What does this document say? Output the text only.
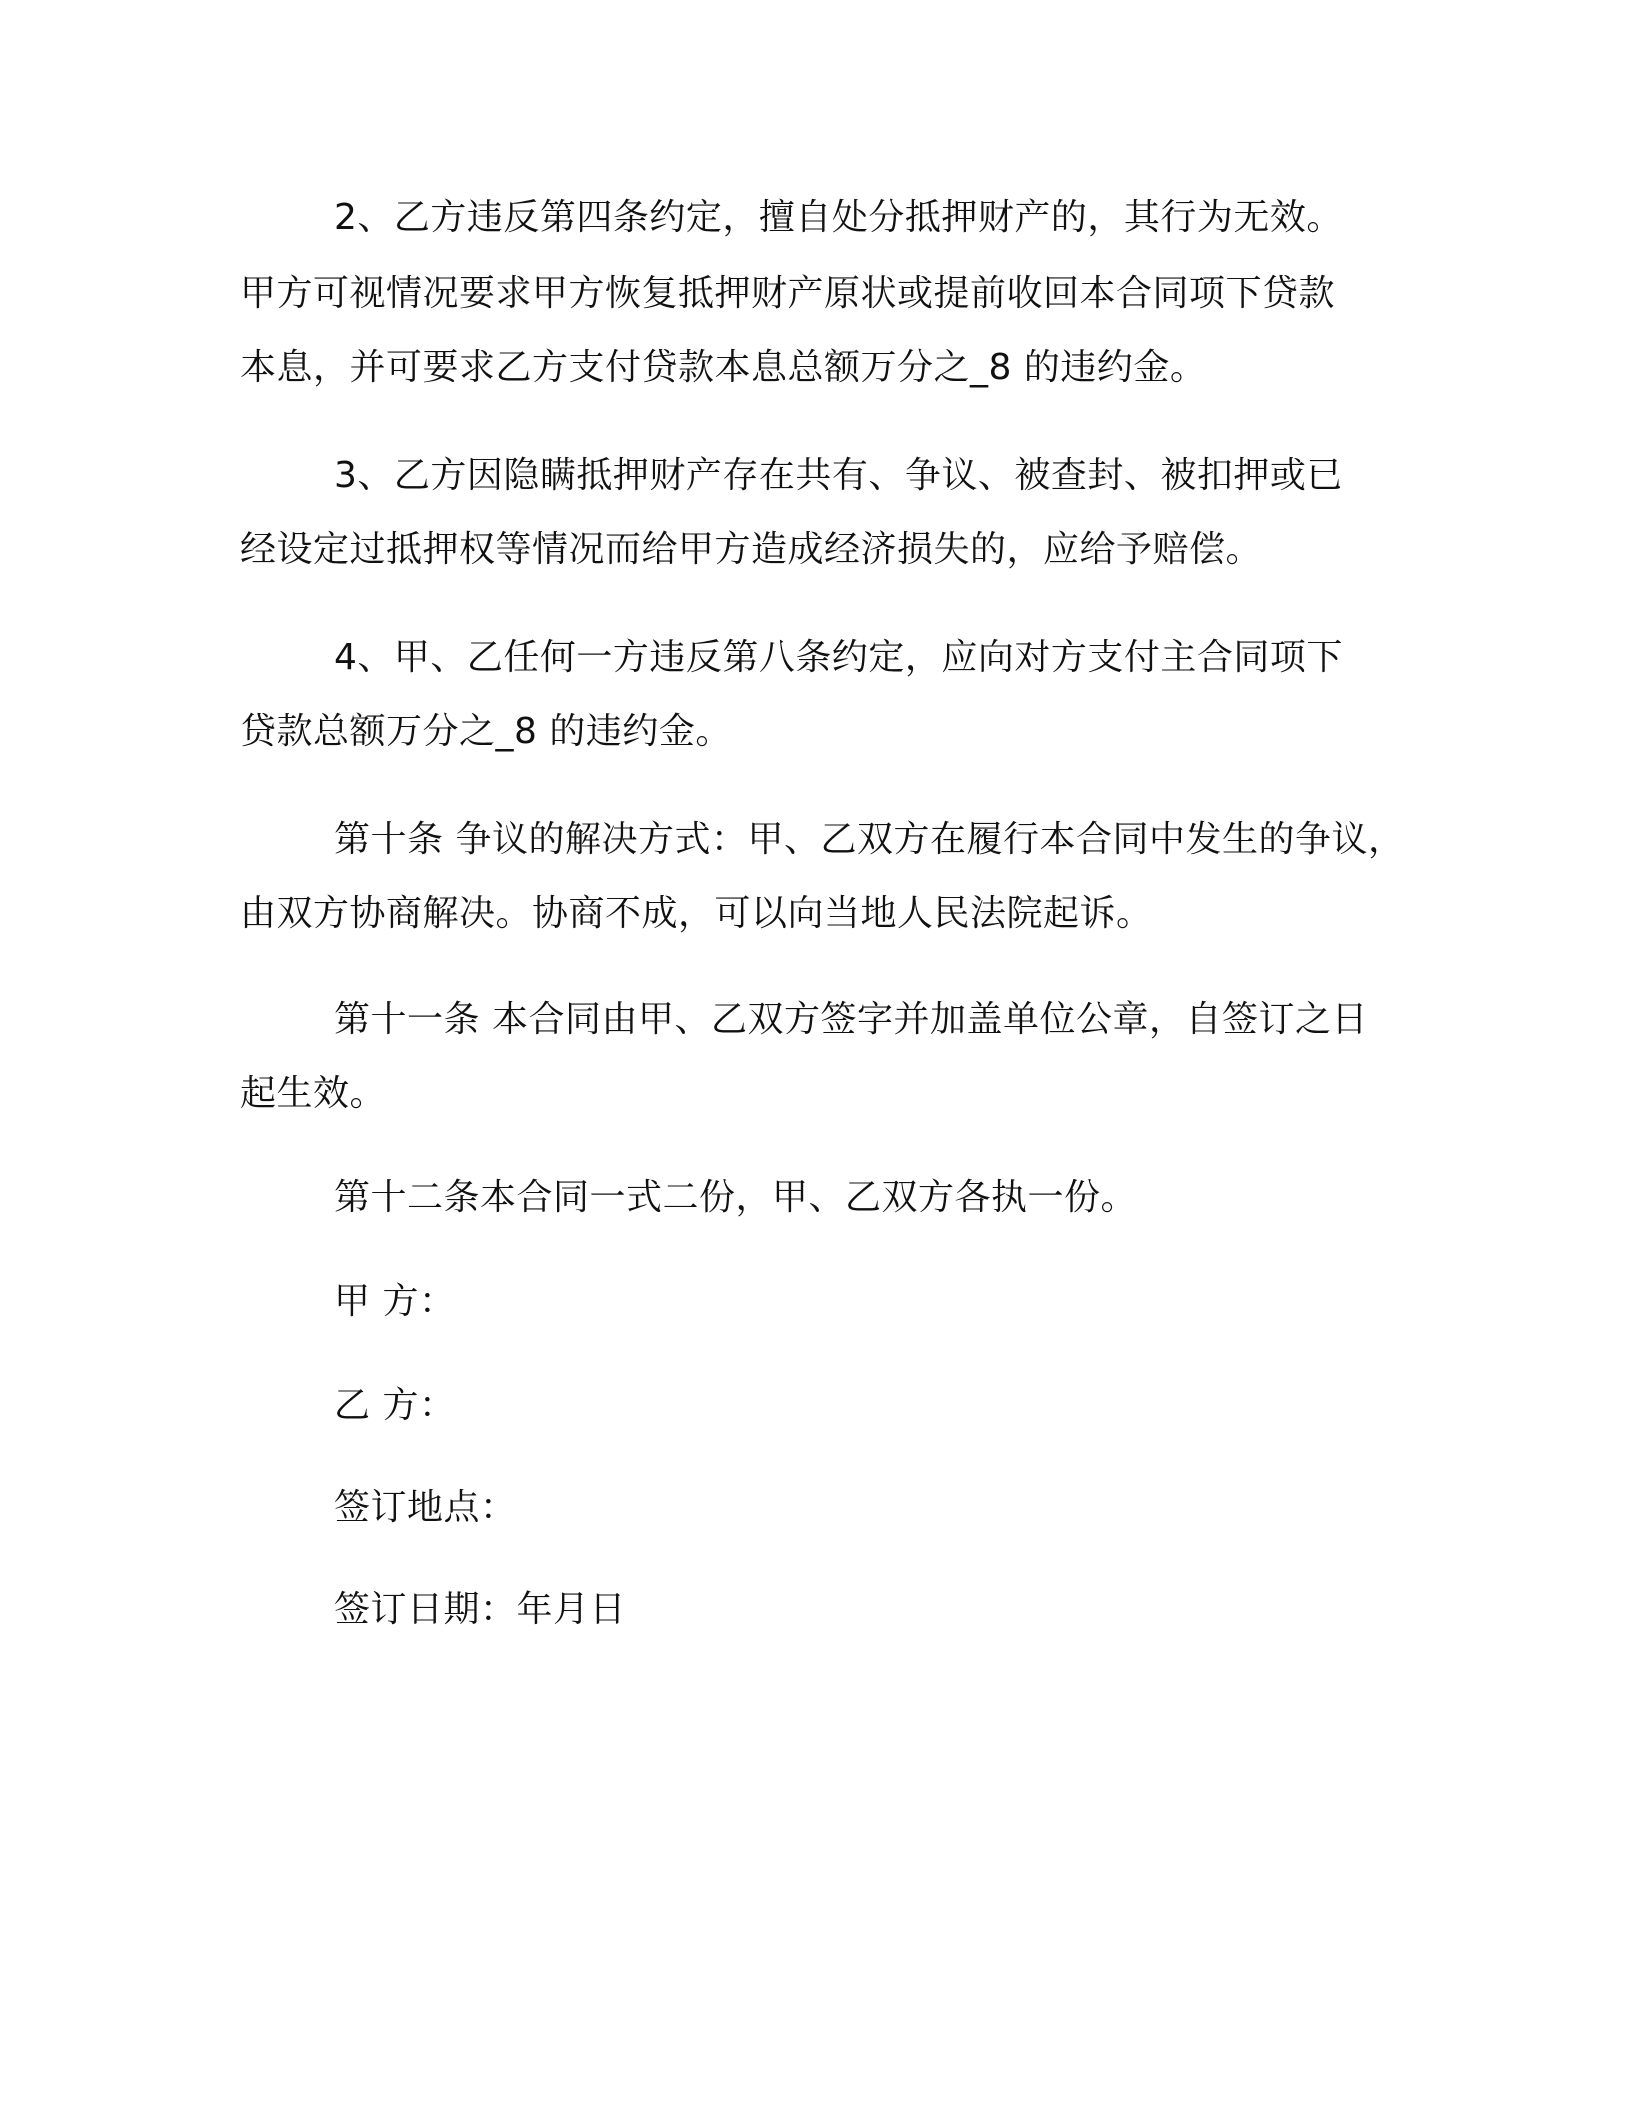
2、乙方违反第四条约定，擅自处分抵押财产的，其行为无效。
甲方可视情况要求甲方恢复抵押财产原状或提前收回本合同项下贷款
本息，并可要求乙方支付贷款本息总额万分之_8 的违约金。
3、乙方因隐瞒抵押财产存在共有、争议、被查封、被扣押或已
经设定过抵押权等情况而给甲方造成经济损失的，应给予赔偿。
4、甲、乙任何一方违反第八条约定，应向对方支付主合同项下
贷款总额万分之_8 的违约金。
第十条 争议的解决方式：甲、乙双方在履行本合同中发生的争议，
由双方协商解决。协商不成，可以向当地人民法院起诉。
第十一条 本合同由甲、乙双方签字并加盖单位公章，自签订之日
起生效。
第十二条本合同一式二份，甲、乙双方各执一份。
甲 方：
乙 方：
签订地点：
签订日期：年月日
